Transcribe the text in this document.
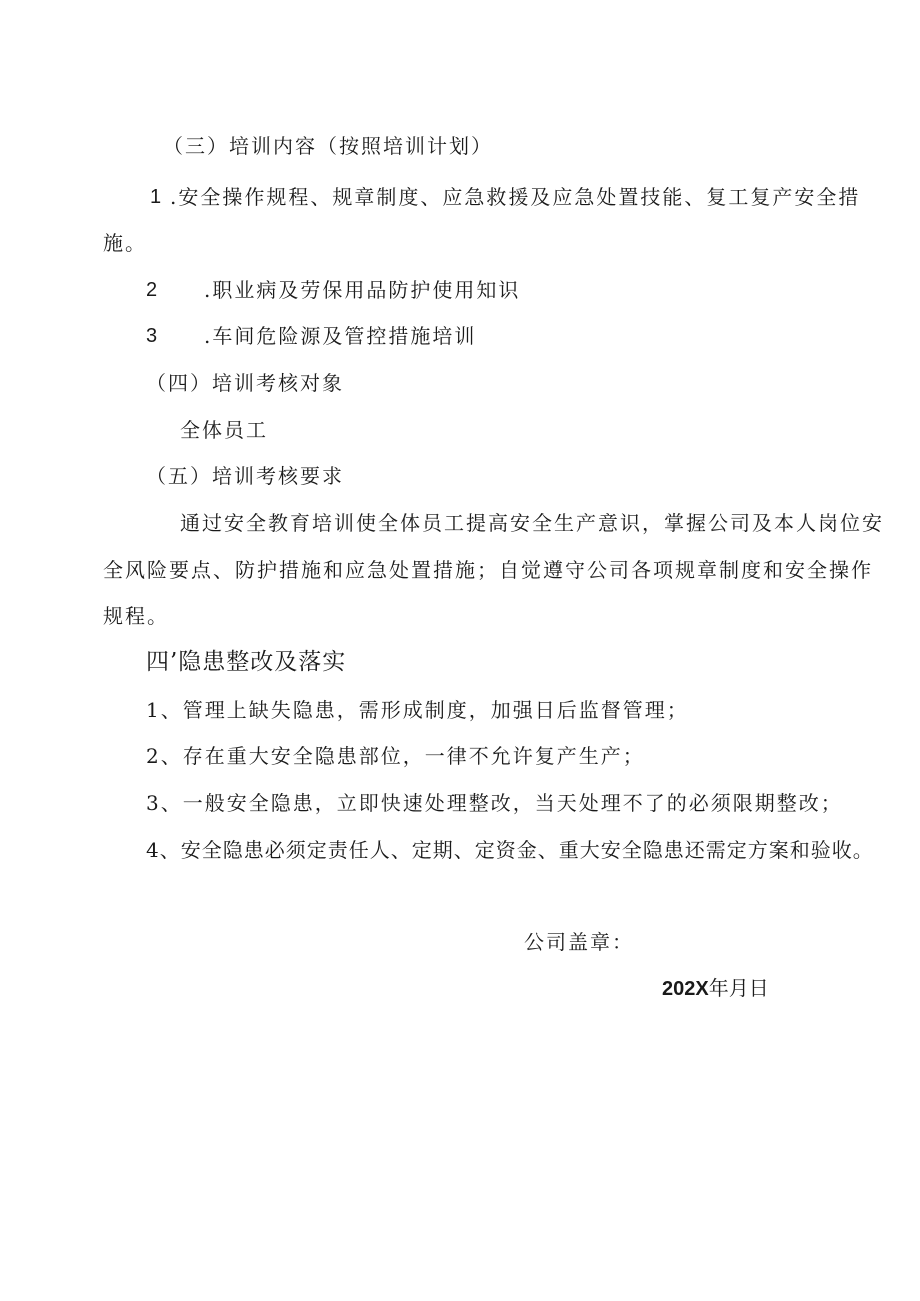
（三）培训内容（按照培训计划）
1 .安全操作规程、规章制度、应急救援及应急处置技能、复工复产安全措
施。
2 .职业病及劳保用品防护使用知识
3 .车间危险源及管控措施培训
（四）培训考核对象
全体员工
（五）培训考核要求
通过安全教育培训使全体员工提高安全生产意识，掌握公司及本人岗位安
全风险要点、防护措施和应急处置措施；自觉遵守公司各项规章制度和安全操作
规程。
四’隐患整改及落实
1、管理上缺失隐患，需形成制度，加强日后监督管理；
2、存在重大安全隐患部位，一律不允许复产生产；
3、一般安全隐患，立即快速处理整改，当天处理不了的必须限期整改；
4、安全隐患必须定责任人、定期、定资金、重大安全隐患还需定方案和验收。
公司盖章：
202X年月日
